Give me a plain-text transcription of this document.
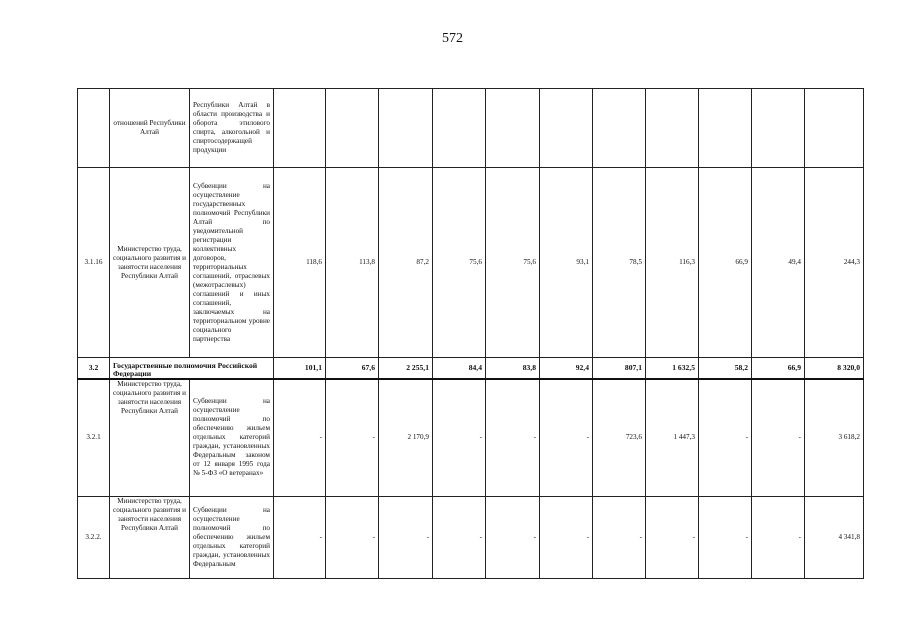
572
	отношений Республики Алтай	Республики Алтай в области производства и оборота этилового спирта, алкогольной и спиртосодержащей продукции											
3.1.16	Министерство труда, социального развития и занятости населения Республики Алтай	Субвенции на осуществление государственных полномочий Республики Алтай по уведомительной регистрации коллективных договоров, территориальных соглашений, отраслевых (межотраслевых) соглашений и иных соглашений, заключаемых на территориальном уровне социального партнерства	118,6	113,8	87,2	75,6	75,6	93,1	78,5	116,3	66,9	49,4	244,3
3.2	Государственные полномочия Российской Федерации		101,1	67,6	2 255,1	84,4	83,8	92,4	807,1	1 632,5	58,2	66,9	8 320,0
3.2.1	Министерство труда, социального развития и занятости населения Республики Алтай	Субвенции на осуществление полномочий по обеспечению жильем отдельных категорий граждан, установленных Федеральным законом от 12 января 1995 года № 5-ФЗ «О ветеранах»	-	-	2 170,9	-	-	-	723,6	1 447,3	-	-	3 618,2
3.2.2.	Министерство труда, социального развития и занятости населения Республики Алтай	Субвенции на осуществление полномочий по обеспечению жильем отдельных категорий граждан, установленных Федеральным	-	-	-	-	-	-	-	-	-	-	4 341,8
